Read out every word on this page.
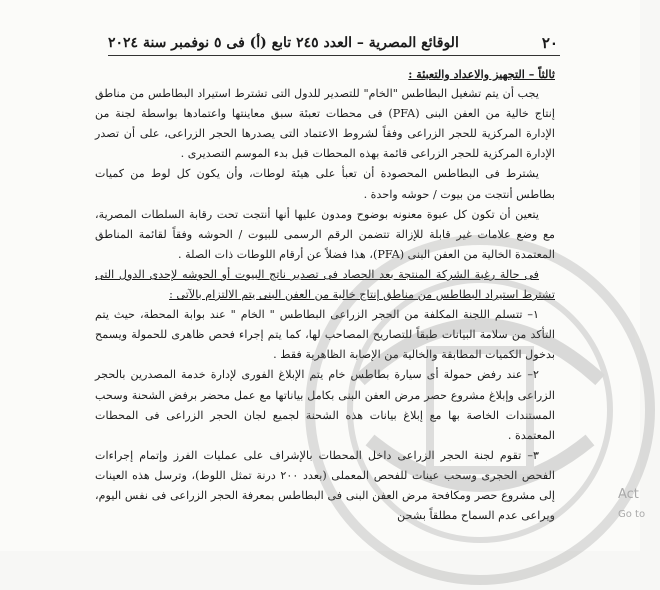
٢٠
الوقائع المصرية – العدد ٢٤٥ تابع (أ) فى ٥ نوفمبر سنة ٢٠٢٤

ثالثاً – التجهيز والاعداد والتعبئة :

يجب أن يتم تشغيل البطاطس "الخام" للتصدير للدول التى تشترط استيراد البطاطس من مناطق إنتاج خالية من العفن البنى (PFA) فى محطات تعبئة سبق معاينتها واعتمادها بواسطة لجنة من الإدارة المركزية للحجر الزراعى وفقاً لشروط الاعتماد التى يصدرها الحجر الزراعى، على أن تصدر الإدارة المركزية للحجر الزراعى قائمة بهذه المحطات قبل بدء الموسم التصديرى .

يشترط فى البطاطس المحصودة أن تعبأ على هيئة لوطات، وأن يكون كل لوط من كميات بطاطس أنتجت من بيوت / حوشه واحدة .

يتعين أن تكون كل عبوة معنونه بوضوح ومدون عليها أنها أنتجت تحت رقابة السلطات المصرية، مع وضع علامات غير قابلة للإزالة تتضمن الرقم الرسمى للبيوت / الحوشه وفقاً لقائمة المناطق المعتمدة الخالية من العفن البنى (PFA)، هذا فضلاً عن أرقام اللوطات ذات الصلة .

فى حالة رغبة الشركة المنتجة بعد الحصاد فى تصدير ناتج البيوت أو الحوشه لإحدى الدول التى تشترط استيراد البطاطس من مناطق إنتاج خالية من العفن البنى يتم الالتزام بالآتى :

١– تتسلم اللجنة المكلفة من الحجر الزراعى البطاطس " الخام " عند بوابة المحطة، حيث يتم التأكد من سلامة البيانات طبقاً للتصاريح المصاحب لها، كما يتم إجراء فحص ظاهرى للحمولة ويسمح بدخول الكميات المطابقة والخالية من الإصابة الظاهرية فقط .

٢– عند رفض حمولة أى سيارة بطاطس خام يتم الإبلاغ الفورى لإدارة خدمة المصدرين بالحجر الزراعى وإبلاغ مشروع حصر مرض العفن البنى بكامل بياناتها مع عمل محضر برفض الشحنة وسحب المستندات الخاصة بها مع إبلاغ بيانات هذه الشحنة لجميع لجان الحجر الزراعى فى المحطات المعتمدة .

٣– تقوم لجنة الحجر الزراعى داخل المحطات بالإشراف على عمليات الفرز وإتمام إجراءات الفحص الحجرى وسحب عينات للفحص المعملى (بعدد ٢٠٠ درنة تمثل اللوط)، وترسل هذه العينات إلى مشروع حصر ومكافحة مرض العفن البنى فى البطاطس بمعرفة الحجر الزراعى فى نفس اليوم، ويراعى عدم السماح مطلقاً بشحن

Act
Go to
